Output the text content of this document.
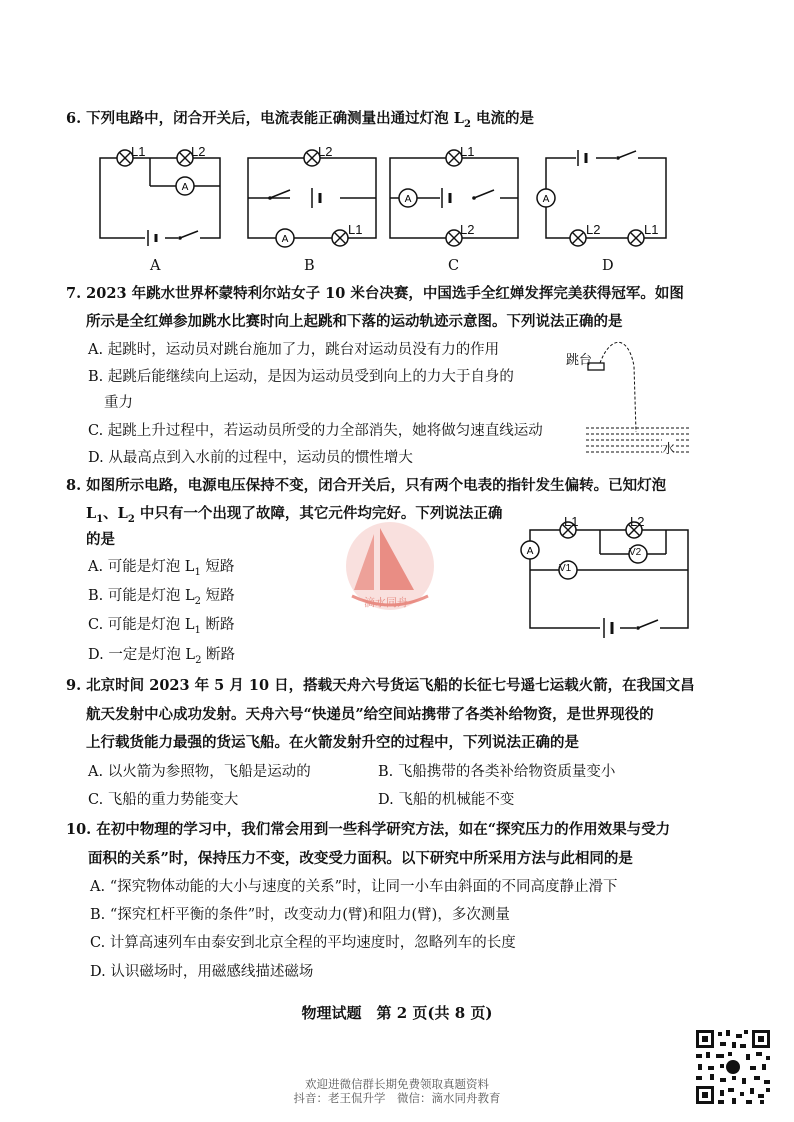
6. 下列电路中，闭合开关后，电流表能正确测量出通过灯泡 $L_2$ 电流的是
A
A
A	A
L1	L2	L2
L1
L1
L2	L2	L1
A	B	C	D
7. 2023 年跳水世界杯蒙特利尔站女子 10 米台决赛，中国选手全红婵发挥完美获得冠军。如图
所示是全红婵参加跳水比赛时向上起跳和下落的运动轨迹示意图。下列说法正确的是
A. 起跳时，运动员对跳台施加了力，跳台对运动员没有力的作用
B. 起跳后能继续向上运动，是因为运动员受到向上的力大于自身的
重力
C. 起跳上升过程中，若运动员所受的力全部消失，她将做匀速直线运动
D. 从最高点到入水前的过程中，运动员的惯性增大
跳台
水
8. 如图所示电路，电源电压保持不变，闭合开关后，只有两个电表的指针发生偏转。已知灯泡
$L_1$、$L_2$ 中只有一个出现了故障，其它元件均完好。下列说法正确
的是
A. 可能是灯泡 $L_1$ 短路
B. 可能是灯泡 $L_2$ 短路
C. 可能是灯泡 $L_1$ 断路
D. 一定是灯泡 $L_2$ 断路
滴水同舟
A
L1	L2
V2
V1
9. 北京时间 2023 年 5 月 10 日，搭载天舟六号货运飞船的长征七号遥七运载火箭，在我国文昌
航天发射中心成功发射。天舟六号“快递员”给空间站携带了各类补给物资，是世界现役的
上行载货能力最强的货运飞船。在火箭发射升空的过程中，下列说法正确的是
A. 以火箭为参照物，飞船是运动的	B. 飞船携带的各类补给物资质量变小
C. 飞船的重力势能变大	D. 飞船的机械能不变
10. 在初中物理的学习中，我们常会用到一些科学研究方法，如在“探究压力的作用效果与受力
面积的关系”时，保持压力不变，改变受力面积。以下研究中所采用方法与此相同的是
A. “探究物体动能的大小与速度的关系”时，让同一小车由斜面的不同高度静止滑下
B. “探究杠杆平衡的条件”时，改变动力(臂)和阻力(臂)，多次测量
C. 计算高速列车由泰安到北京全程的平均速度时，忽略列车的长度
D. 认识磁场时，用磁感线描述磁场
物理试题　第 2 页(共 8 页)
欢迎进微信群长期免费领取真题资料
抖音：老王侃升学　微信：滴水同舟教育
